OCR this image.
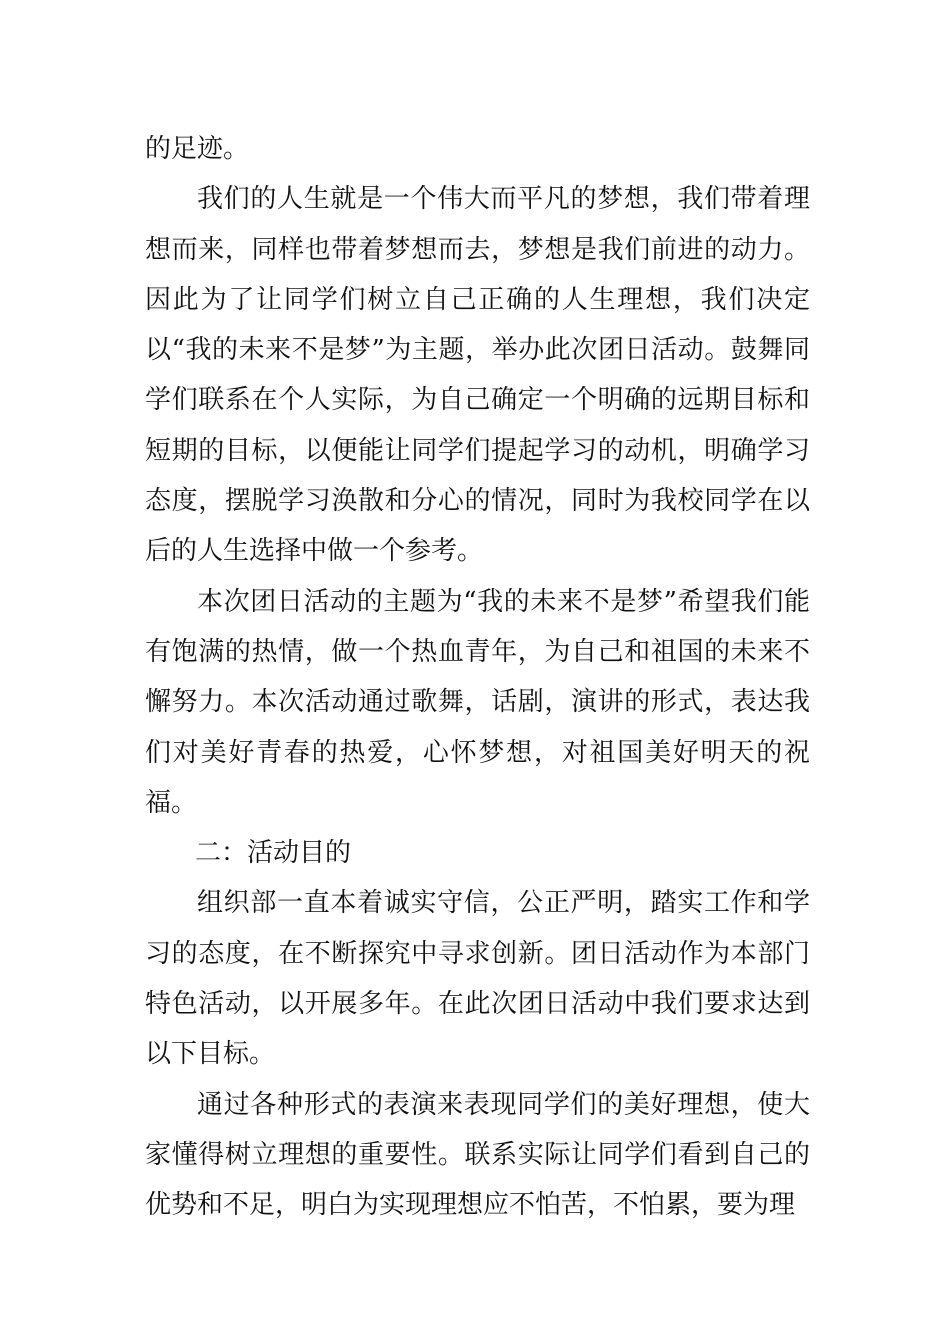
的足迹。

我们的人生就是一个伟大而平凡的梦想，我们带着理想而来，同样也带着梦想而去，梦想是我们前进的动力。因此为了让同学们树立自己正确的人生理想，我们决定以“我的未来不是梦”为主题，举办此次团日活动。鼓舞同学们联系在个人实际，为自己确定一个明确的远期目标和短期的目标，以便能让同学们提起学习的动机，明确学习态度，摆脱学习涣散和分心的情况，同时为我校同学在以后的人生选择中做一个参考。

本次团日活动的主题为“我的未来不是梦”希望我们能有饱满的热情，做一个热血青年，为自己和祖国的未来不懈努力。本次活动通过歌舞，话剧，演讲的形式，表达我们对美好青春的热爱，心怀梦想，对祖国美好明天的祝福。

二：活动目的

组织部一直本着诚实守信，公正严明，踏实工作和学习的态度，在不断探究中寻求创新。团日活动作为本部门特色活动，以开展多年。在此次团日活动中我们要求达到以下目标。

通过各种形式的表演来表现同学们的美好理想，使大家懂得树立理想的重要性。联系实际让同学们看到自己的优势和不足，明白为实现理想应不怕苦，不怕累，要为理
